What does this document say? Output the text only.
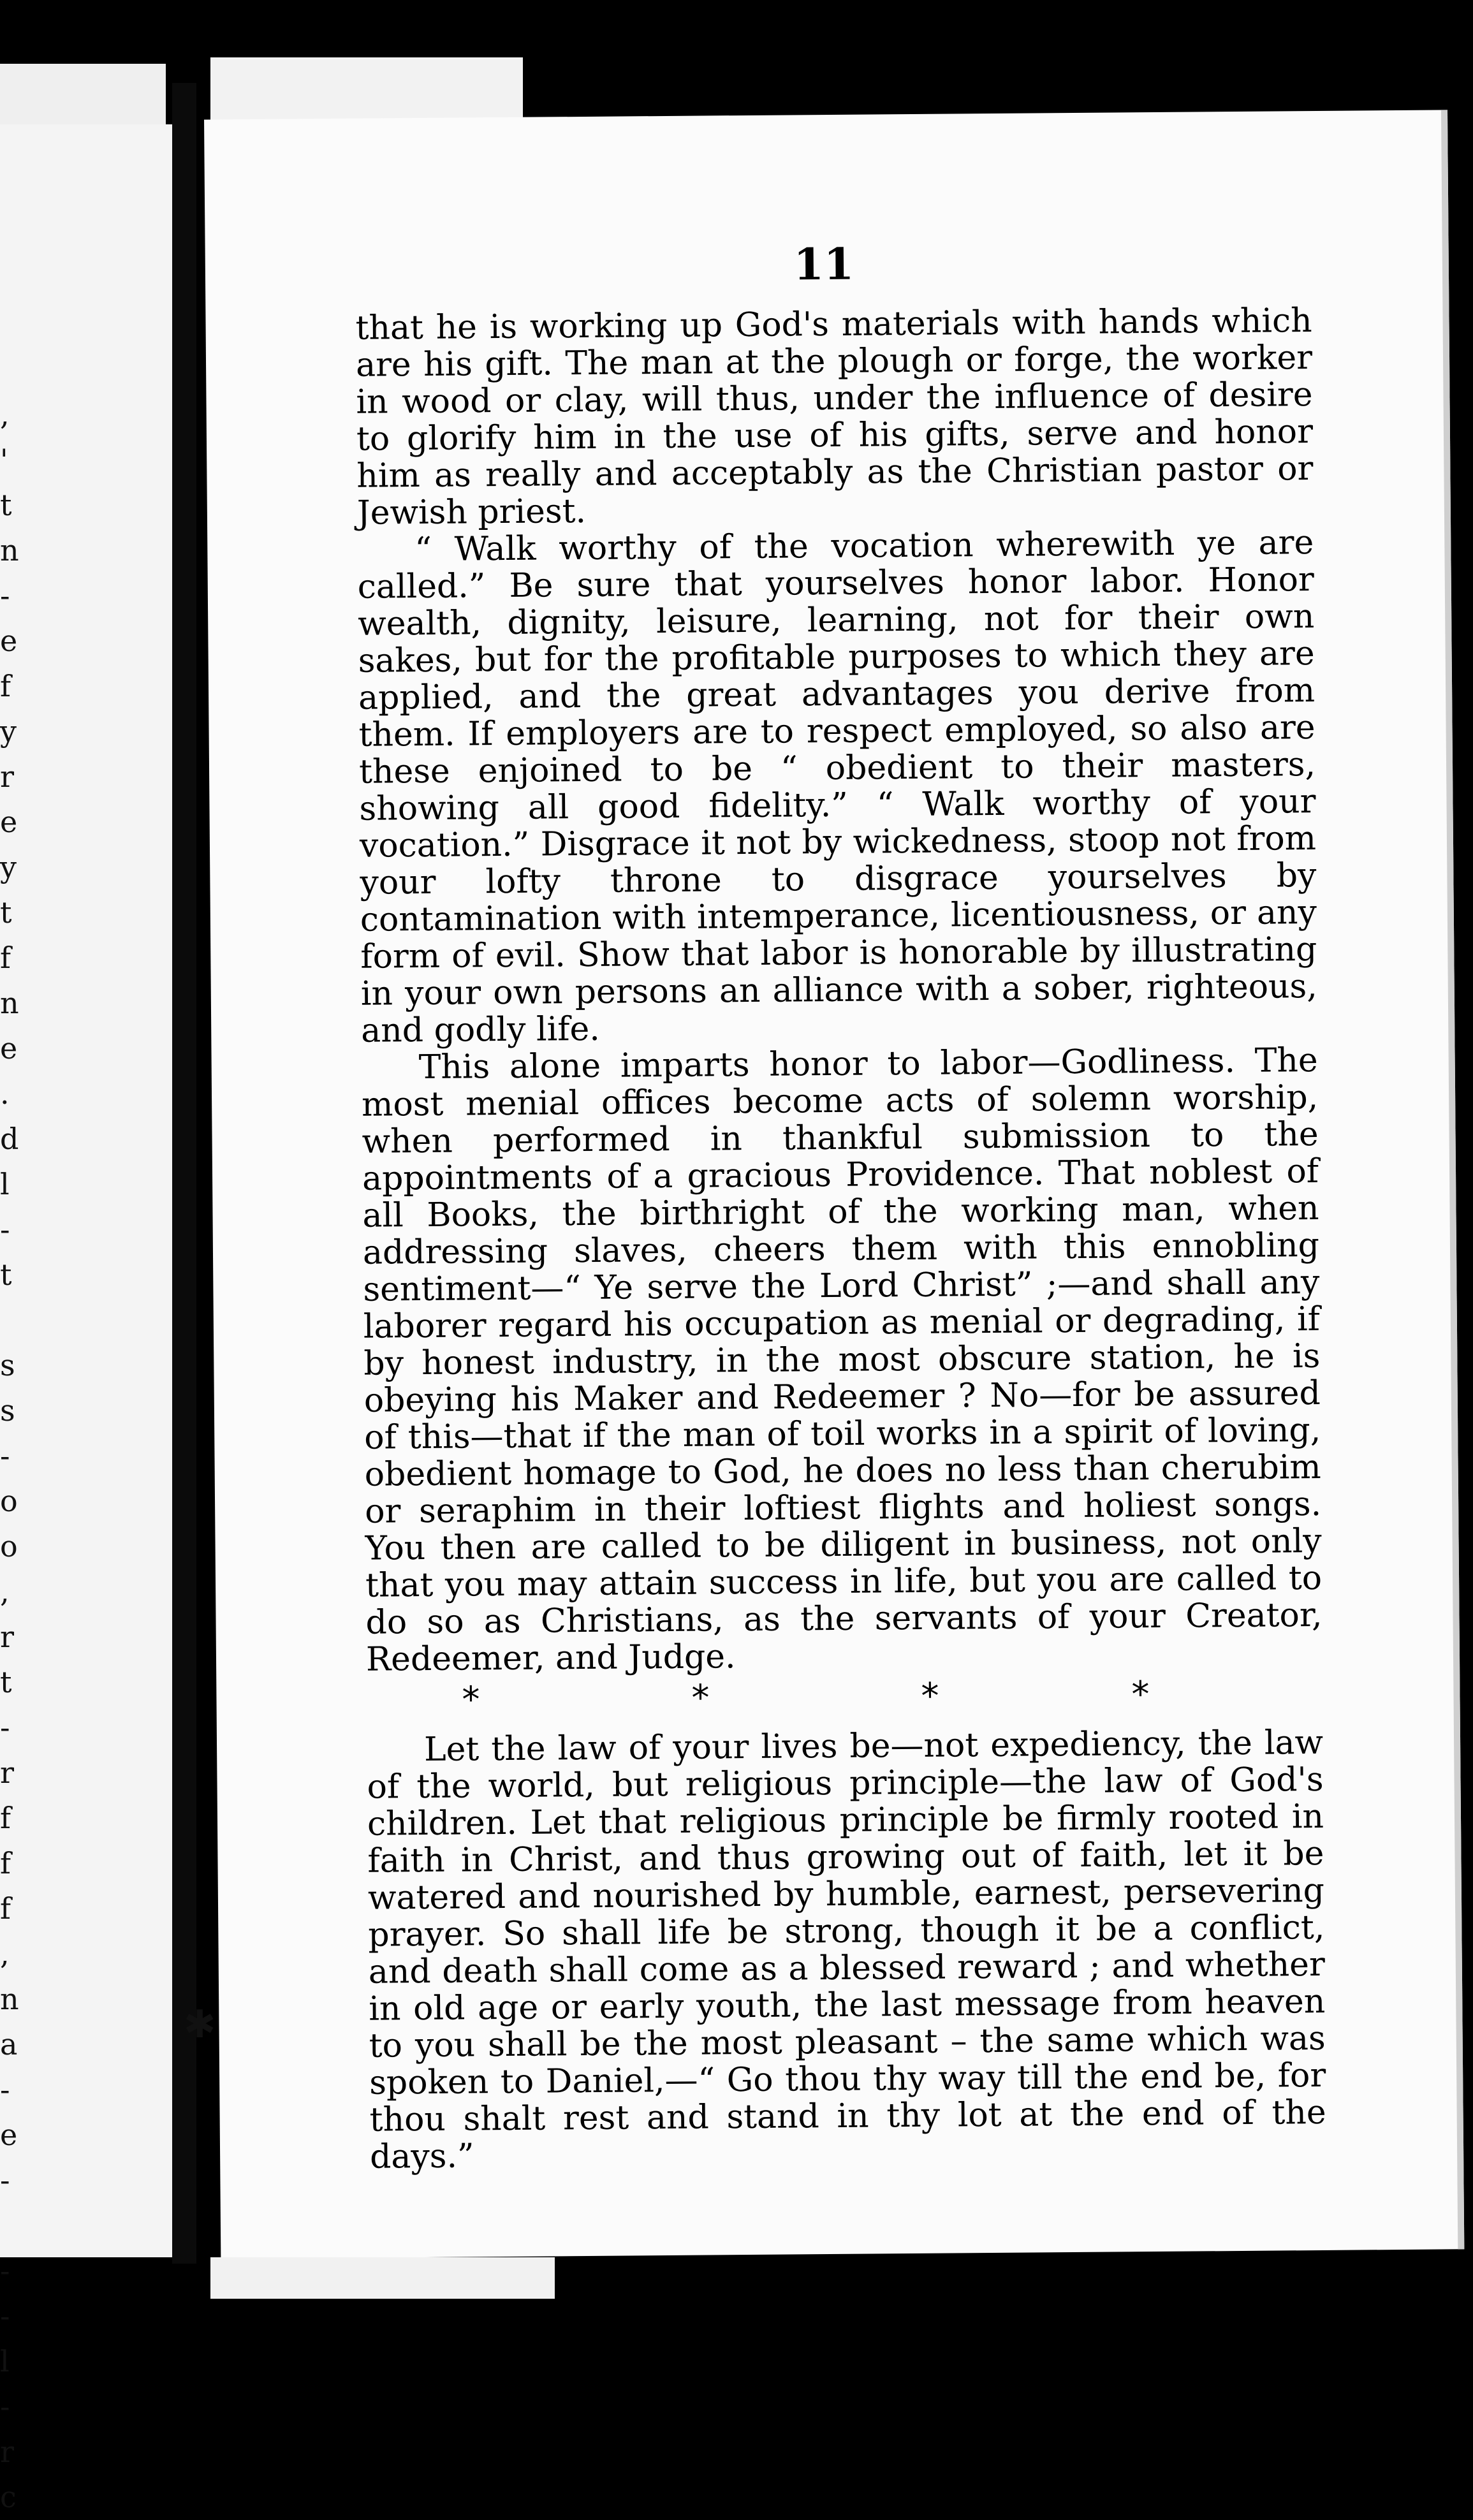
,
'
t
n
-
e
f
y
r
e
y
t
f
n
e
.
d
l
-
t

s
s
-
o
o
,
r
t
-
r
f
f
f
,
n
a
-
e
-

-
-
l
-
r
c
11

that he is working up God's materials with hands which are his gift. The man at the plough or forge, the worker in wood or clay, will thus, under the influence of desire to glorify him in the use of his gifts, serve and honor him as really and acceptably as the Christian pastor or Jewish priest.

“ Walk worthy of the vocation wherewith ye are called.” Be sure that yourselves honor labor. Honor wealth, dignity, leisure, learning, not for their own sakes, but for the profitable purposes to which they are applied, and the great advantages you derive from them. If employers are to respect employed, so also are these enjoined to be “ obedient to their masters, showing all good fidelity.” “ Walk worthy of your vocation.” Disgrace it not by wickedness, stoop not from your lofty throne to disgrace yourselves by contamination with intemperance, licentiousness, or any form of evil. Show that labor is honorable by illustrating in your own persons an alliance with a sober, righteous, and godly life.

This alone imparts honor to labor—Godliness. The most menial offices become acts of solemn worship, when performed in thankful submission to the appointments of a gracious Providence. That noblest of all Books, the birthright of the working man, when addressing slaves, cheers them with this ennobling sentiment—“ Ye serve the Lord Christ” ;—and shall any laborer regard his occupation as menial or degrading, if by honest industry, in the most obscure station, he is obeying his Maker and Redeemer ? No—for be assured of this—that if the man of toil works in a spirit of loving, obedient homage to God, he does no less than cherubim or seraphim in their loftiest flights and holiest songs. You then are called to be diligent in business, not only that you may attain success in life, but you are called to do so as Christians, as the servants of your Creator, Redeemer, and Judge.

*	*	*	*

Let the law of your lives be—not expediency, the law of the world, but religious principle—the law of God's children. Let that religious principle be firmly rooted in faith in Christ, and thus growing out of faith, let it be watered and nourished by humble, earnest, persevering prayer. So shall life be strong, though it be a conflict, and death shall come as a blessed reward ; and whether in old age or early youth, the last message from heaven to you shall be the most pleasant – the same which was spoken to Daniel,—“ Go thou thy way till the end be, for thou shalt rest and stand in thy lot at the end of the days.”

✱
